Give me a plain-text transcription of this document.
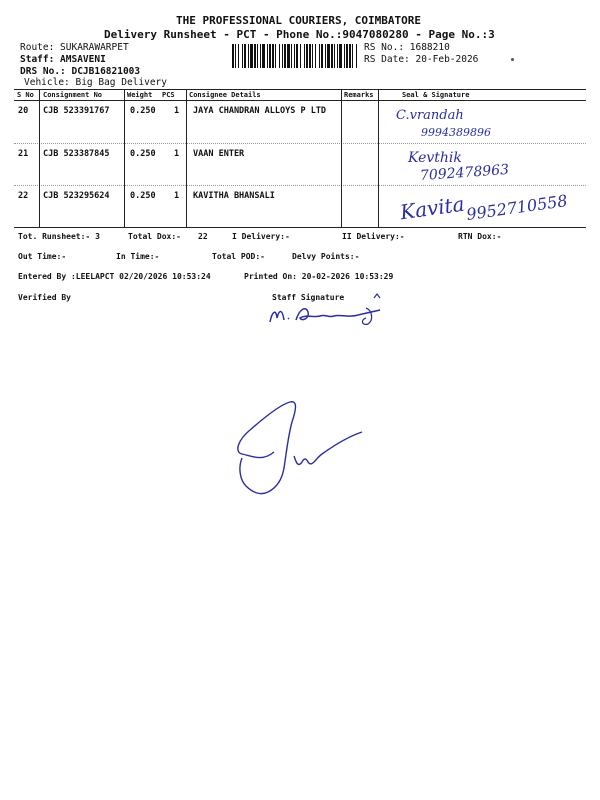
THE PROFESSIONAL COURIERS, COIMBATORE
Delivery Runsheet - PCT - Phone No.:9047080280 - Page No.:3
Route: SUKARAWARPET
Staff: AMSAVENI
DRS No.: DCJB16821003
Vehicle: Big Bag Delivery
RS No.: 1688210
RS Date: 20-Feb-2026
S No Consignment No	Weight PCS Consignee Details	Remarks	Seal & Signature
20 CJB 523391767 0.250 1 JAYA CHANDRAN ALLOYS P LTD	C.vrandah
9994389896
21 CJB 523387845 0.250 1 VAAN ENTER	Kevthik
7092478963
22 CJB 523295624 0.250 1 KAVITHA BHANSALI	Kavita 9952710558
Tot. Runsheet:- 3	Total Dox:- 22	I Delivery:-	II Delivery:-	RTN Dox:-
Out Time:-	In Time:-	Total POD:-	Delvy Points:-
Entered By :LEELAPCT 02/20/2026 10:53:24	Printed On: 20-02-2026 10:53:29
Verified By	Staff Signature
